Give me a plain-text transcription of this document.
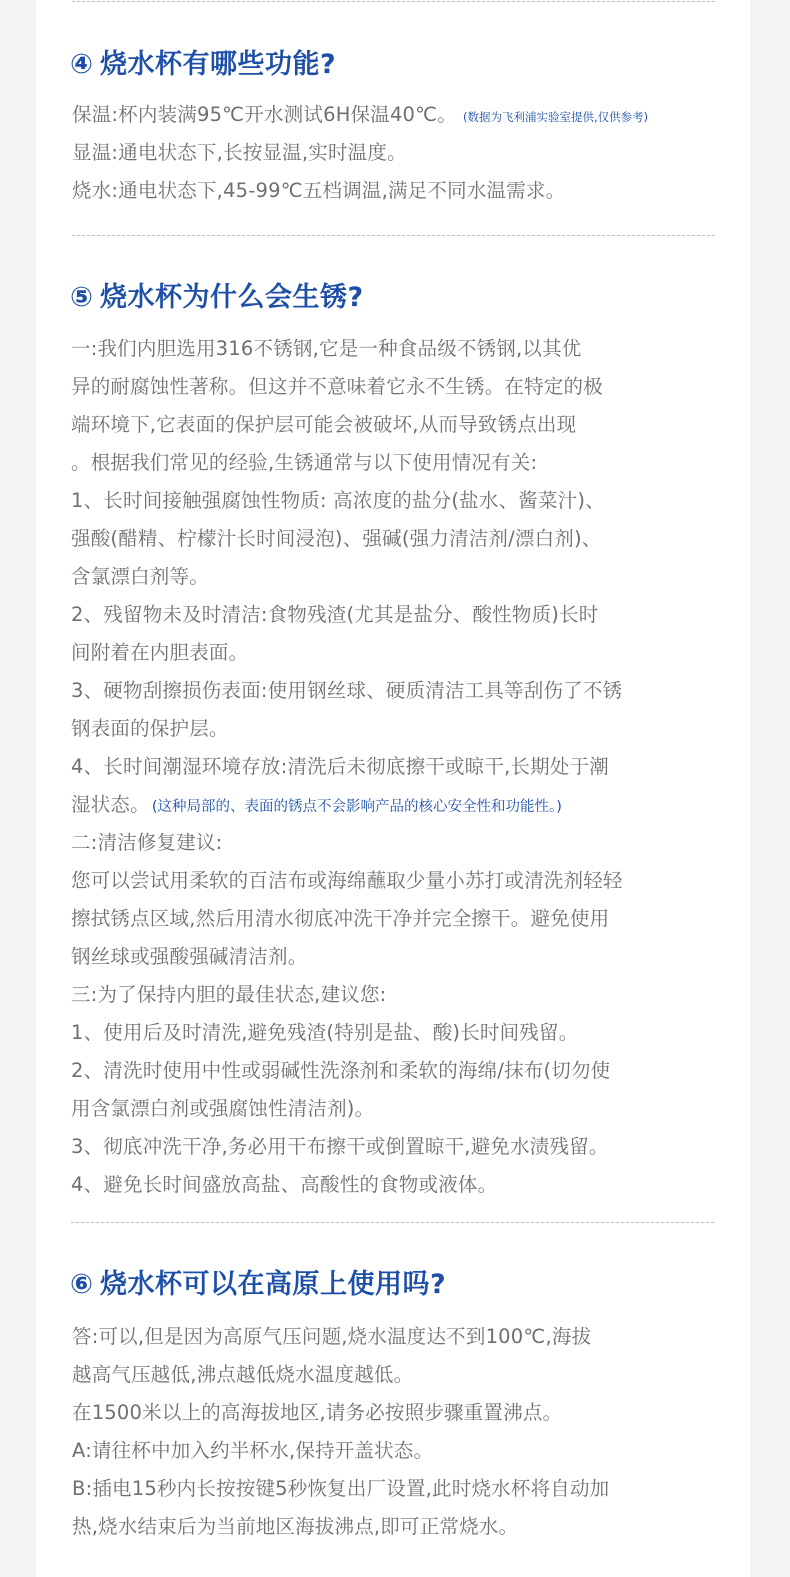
④ 烧水杯有哪些功能?
保温:杯内装满95℃开水测试6H保温40℃。 (数据为飞利浦实验室提供,仅供参考)
显温:通电状态下,长按显温,实时温度。
烧水:通电状态下,45-99℃五档调温,满足不同水温需求。
⑤ 烧水杯为什么会生锈?
一:我们内胆选用316不锈钢,它是一种食品级不锈钢,以其优
异的耐腐蚀性著称。但这并不意味着它永不生锈。在特定的极
端环境下,它表面的保护层可能会被破坏,从而导致锈点出现
。根据我们常见的经验,生锈通常与以下使用情况有关:
1、长时间接触强腐蚀性物质: 高浓度的盐分(盐水、酱菜汁)、
强酸(醋精、柠檬汁长时间浸泡)、强碱(强力清洁剂/漂白剂)、
含氯漂白剂等。
2、残留物未及时清洁:食物残渣(尤其是盐分、酸性物质)长时
间附着在内胆表面。
3、硬物刮擦损伤表面:使用钢丝球、硬质清洁工具等刮伤了不锈
钢表面的保护层。
4、长时间潮湿环境存放:清洗后未彻底擦干或晾干,长期处于潮
湿状态。 (这种局部的、表面的锈点不会影响产品的核心安全性和功能性。)
二:清洁修复建议:
您可以尝试用柔软的百洁布或海绵蘸取少量小苏打或清洗剂轻轻
擦拭锈点区域,然后用清水彻底冲洗干净并完全擦干。避免使用
钢丝球或强酸强碱清洁剂。
三:为了保持内胆的最佳状态,建议您:
1、使用后及时清洗,避免残渣(特别是盐、酸)长时间残留。
2、清洗时使用中性或弱碱性洗涤剂和柔软的海绵/抹布(切勿使
用含氯漂白剂或强腐蚀性清洁剂)。
3、彻底冲洗干净,务必用干布擦干或倒置晾干,避免水渍残留。
4、避免长时间盛放高盐、高酸性的食物或液体。
⑥ 烧水杯可以在高原上使用吗?
答:可以,但是因为高原气压问题,烧水温度达不到100℃,海拔
越高气压越低,沸点越低烧水温度越低。
在1500米以上的高海拔地区,请务必按照步骤重置沸点。
A:请往杯中加入约半杯水,保持开盖状态。
B:插电15秒内长按按键5秒恢复出厂设置,此时烧水杯将自动加
热,烧水结束后为当前地区海拔沸点,即可正常烧水。
